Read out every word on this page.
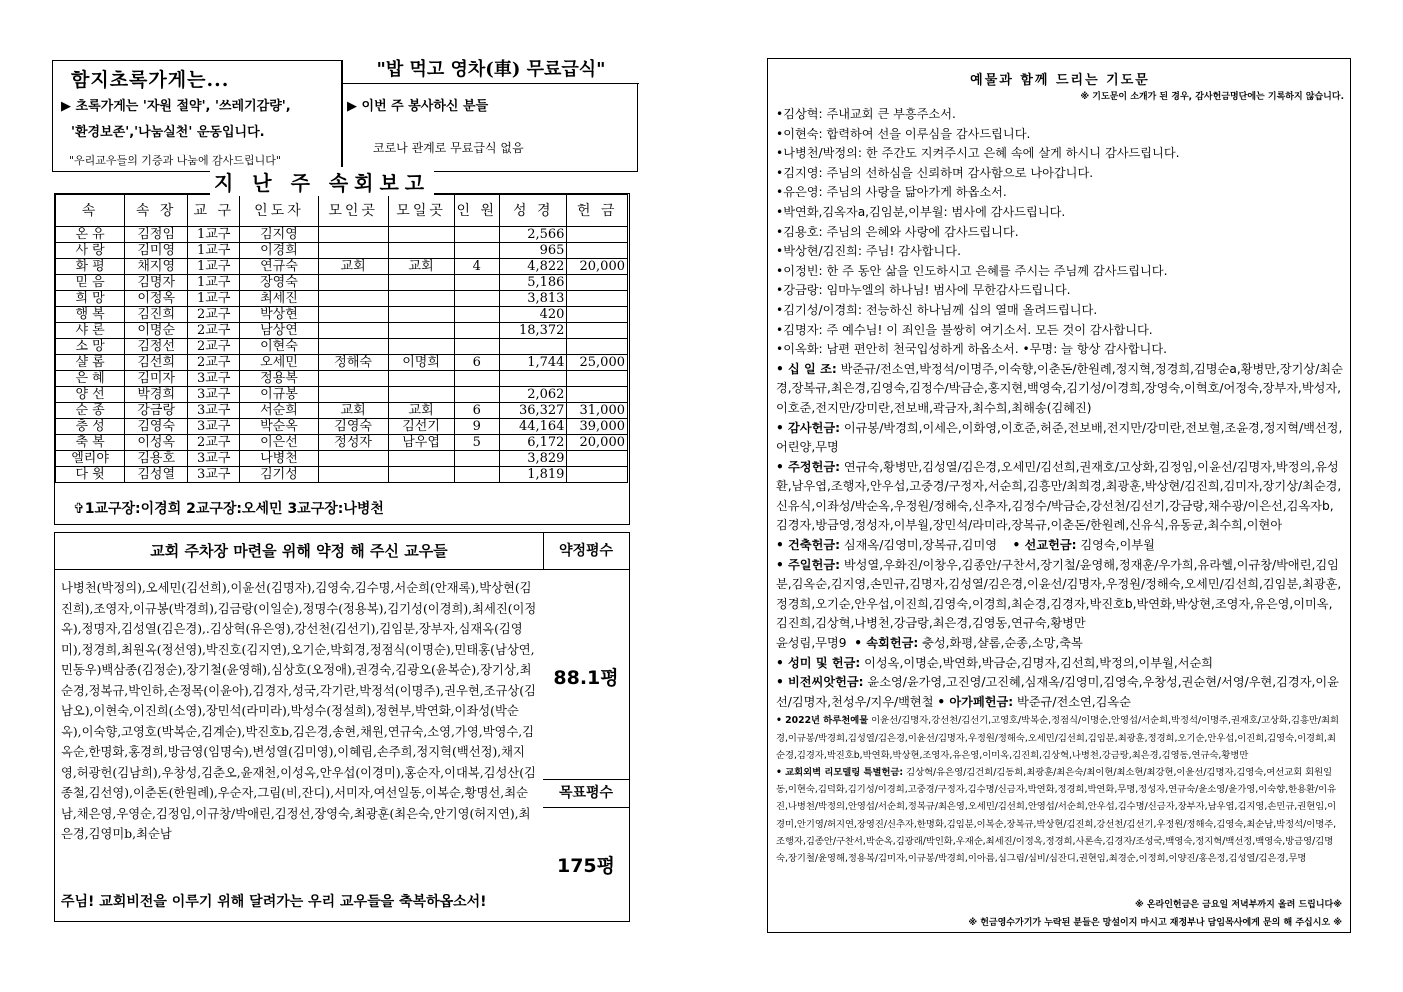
함지초록가게는...
▶ 초록가게는 '자원 절약', '쓰레기감량',
'환경보존','나눔실천' 운동입니다.
"우리교우들의 기증과 나눔에 감사드립니다"
"밥 먹고 영차(車) 무료급식"
▶ 이번 주 봉사하신 분들
코로나 관계로 무료급식 없음
속	속 장	교 구	인도자	모인곳	모일곳	인 원	성 경	헌 금
온 유	김정임	1교구	김지영				2,566	
사 랑	김미영	1교구	이경희				965	
화 평	채지영	1교구	연규숙	교회	교회	4	4,822	20,000
믿 음	김명자	1교구	장영숙				5,186	
희 망	이정옥	1교구	최세진				3,813	
행 복	김진희	2교구	박상현				420	
샤 론	이명순	2교구	남상연				18,372	
소 망	김정선	2교구	이현숙					
샬 롬	김선희	2교구	오세민	정해숙	이명희	6	1,744	25,000
은 혜	김미자	3교구	정용복					
양 선	박경희	3교구	이규봉				2,062	
순 종	강금랑	3교구	서순희	교회	교회	6	36,327	31,000
충 성	김영숙	3교구	박순옥	김영숙	김선기	9	44,164	39,000
축 복	이성옥	2교구	이은선	정성자	남우엽	5	6,172	20,000
엘리야	김용호	3교구	나병천				3,829	
다 윗	김성열	3교구	김기성				1,819	
✞1교구장:이경희 2교구장:오세민 3교구장:나병천
지 난 주 속회보고
교회 주차장 마련을 위해 약정 해 주신 교우들	약정평수
88.1평
목표평수
175평
나병천(박정의),오세민(김선희),이윤선(김명자),김영숙,김수명,서순희(안재록),박상현(김진희),조영자,이규봉(박경희),김금랑(이일순),정명수(정용복),김기성(이경희),최세진(이정옥),정명자,김성열(김은경),.김상혁(유은영),강선천(김선기),김임분,장부자,심재옥(김영미),정경희,최원옥(정선영),박진호(김지연),오기순,박회경,정점식(이명순),민태홍(남상연,민동우)백삼종(김정순),장기철(윤영해),심상호(오정애),권경숙,김광오(윤복순),장기상,최순경,정복규,박인하,손정목(이윤아),김경자,성국,각기란,박정석(이명주),권우현,조규상(김남오),이현숙,이진희(소영),장민석(라미라),박성수(정설희),정현부,박연화,이좌성(박순옥),이숙향,고영호(박복순,김계순),박진호b,김은경,송현,채원,연규숙,소영,가영,박영수,김옥순,한명화,홍경희,방금영(임명숙),변성열(김미영),이혜림,손주희,정지혁(백선정),채지영,허광헌(김남희),우창성,김춘오,윤재천,이성옥,안우섭(이경미),홍순자,이대복,김성산(김종철,김선영),이춘돈(한원례),우순자,그림(비,잔디),서미자,여선일동,이복순,황명선,최순남,채은영,우영순,김정임,이규창/박애린,김정선,장영숙,최광훈(최은숙,안기영(허지연),최은경,김영미b,최순남
주님! 교회비전을 이루기 위해 달려가는 우리 교우들을 축복하옵소서!
예물과 함께 드리는 기도문
※ 기도문이 소개가 된 경우, 감사헌금명단에는 기록하지 않습니다.
•김상혁: 주내교회 큰 부흥주소서.
•이현숙: 합력하여 선을 이루심을 감사드립니다.
•나병천/박정의: 한 주간도 지켜주시고 은혜 속에 살게 하시니 감사드립니다.
•김지영: 주님의 선하심을 신뢰하며 감사함으로 나아갑니다.
•유은영: 주님의 사랑을 닮아가게 하옵소서.
•박연화,김옥자a,김임분,이부월: 범사에 감사드립니다.
•김용호: 주님의 은혜와 사랑에 감사드립니다.
•박상현/김진희: 주님! 감사합니다.
•이정빈: 한 주 동안 삶을 인도하시고 은혜를 주시는 주님께 감사드립니다.
•강금랑: 임마누엘의 하나님! 범사에 무한감사드립니다.
•김기성/이경희: 전능하신 하나님께 십의 열매 올려드립니다.
•김명자: 주 예수님! 이 죄인을 불쌍히 여기소서. 모든 것이 감사합니다.
•이옥화: 남편 편안히 천국입성하게 하옵소서. •무명: 늘 항상 감사합니다.
• 십 일 조: 박준규/전소연,박정석/이명주,이숙향,이춘돈/한원례,정지혁,정경희,김명순a,황병만,장기상/최순경,장복규,최은경,김영숙,김정수/박금순,홍지현,백영숙,김기성/이경희,장영숙,이혁호/어정숙,장부자,박성자,이호준,전지만/강미란,전보배,곽금자,최수희,최해송(김혜진)
• 감사헌금: 이규봉/박경희,이세은,이화영,이호준,허준,전보배,전지만/강미란,전보혈,조윤경,정지혁/백선정,어린양,무명
• 주정헌금: 연규숙,황병만,김성열/김은경,오세민/김선희,권재호/고상화,김정임,이윤선/김명자,박정의,유성환,남우엽,조행자,안우섭,고중경/구정자,서순희,김흥만/최희경,최광훈,박상현/김진희,김미자,장기상/최순경,신유식,이좌성/박순옥,우정원/정해숙,신추자,김정수/박금순,강선천/김선기,강금랑,채수광/이은선,김옥자b,김경자,방금영,정성자,이부월,장민석/라미라,장복규,이춘돈/한원례,신유식,유동균,최수희,이현아
• 건축헌금: 심재옥/김영미,장복규,김미영 • 선교헌금: 김영숙,이부월
• 주일헌금: 박성열,우화진/이창우,김종안/구찬서,장기철/윤영해,정재훈/우가희,유라헬,이규창/박애린,김임분,김옥순,김지영,손민규,김명자,김성열/김은경,이윤선/김명자,우정원/정해숙,오세민/김선희,김임분,최광훈,정경희,오기순,안우섭,이진희,김영숙,이경희,최순경,김경자,박진호b,박연화,박상현,조영자,유은영,이미옥,김진희,김상혁,나병천,강금랑,최은경,김영동,연규숙,황병만
윤성림,무명9 • 속회헌금: 충성,화평,샬롬,순종,소망,축복
• 성미 및 헌금: 이성옥,이명순,박연화,박금순,김명자,김선희,박정의,이부월,서순희
• 비전씨앗헌금: 윤소영/윤가영,고진영/고진혜,심재옥/김영미,김영숙,우창성,권순현/서영/우현,김경자,이윤선/김명자,천성우/지우/백현철 • 아가페헌금: 박준규/전소연,김옥순
• 2022년 하루천예물 이윤선/김명자,강선천/김선기,고영호/박복순,정점식/이명순,안영섭/서순희,박정석/이명주,권재호/고상화,김흥만/최희경,이규봉/박경희,김성열/김은경,이윤선/김명자,우정원/정해숙,오세민/김선희,김임분,최광훈,정경희,오기순,안우섭,이진희,김영숙,이경희,최순경,김경자,박진호b,박연화,박상현,조영자,유은영,이미옥,김진희,김상혁,나병천,강금랑,최은경,김영동,연규숙,황병만
• 교회외벽 리모델링 특별헌금: 김상혁/유은영/김건희/김동희,최광훈/최은숙/최이현/최소현/최강현,이윤선/김명자,김영숙,여선교회 회원일동,이현숙,김덕화,김기성/이경희,고중경/구정자,김수명/신금자,박연화,정경희,박연화,무명,정성자,연규숙/윤소영/윤가영,이숙향,한용환/이유진,나병천/박정의,안영섭/서순희,정복규/최은영,오세민/김선희,안영섭/서순희,안우섭,김수명/신금자,장부자,남우엽,김지영,손민규,권현임,이경미,안기영/허지연,장영진/신추자,한명화,김임분,이복순,장복규,박상현/김진희,강선천/김선기,우정원/정해숙,김영숙,최순남,박정석/이명주,조행자,김종안/구찬서,박순옥,김광래/박인화,우재순,최세진/이정옥,정경희,사론속,김경자/조성국,백영숙,정지혁/백선정,백영숙,방금영/김명숙,장기철/윤영해,정용복/김미자,이규봉/박경희,이아름,심그림/심비/심잔디,권현임,최경순,이정희,이양진/홍은정,김성열/김은경,무명
※ 온라인헌금은 금요일 저녁부까지 올려 드립니다※
※ 헌금영수가기가 누락된 분들은 망설이지 마시고 재정부나 담임목사에게 문의 해 주십시오 ※
